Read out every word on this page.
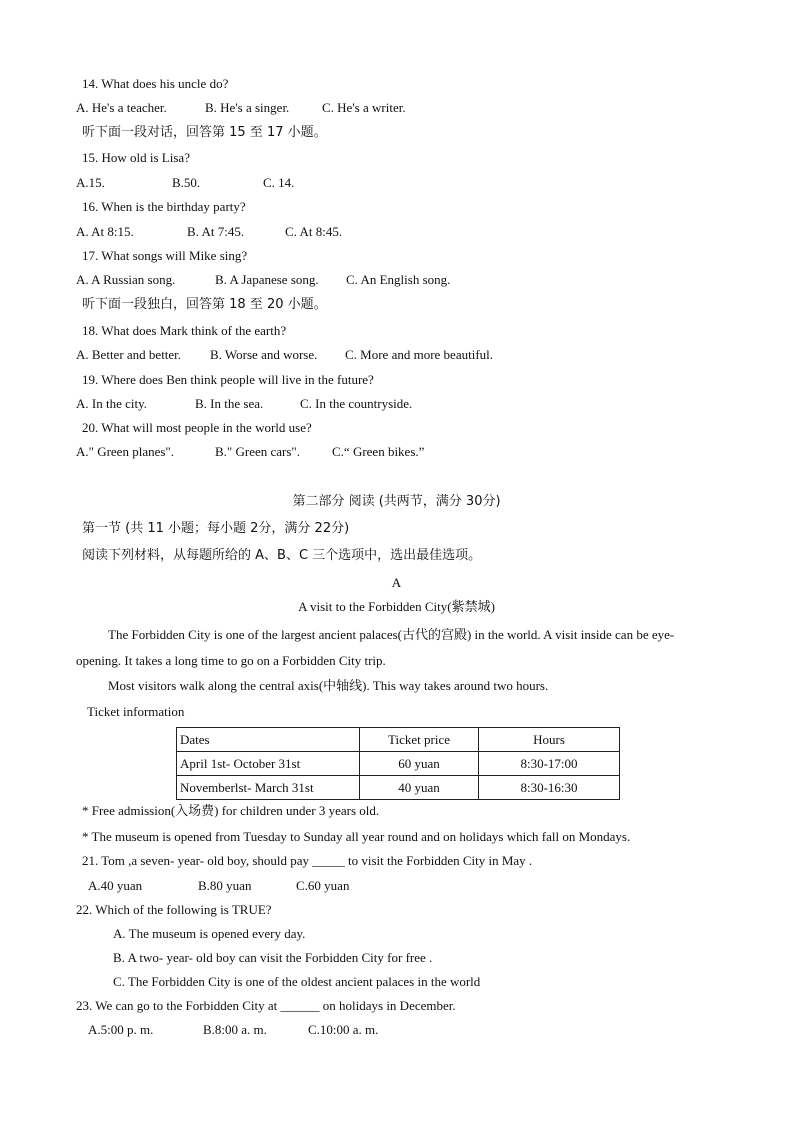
14. What does his uncle do?
A. He's a teacher.	B. He's a singer.	C. He's a writer.
听下面一段对话，回答第 15 至 17 小题。
15. How old is Lisa?
A.15.	B.50.	C. 14.
16. When is the birthday party?
A. At 8:15.	B. At 7:45.	C. At 8:45.
17. What songs will Mike sing?
A. A Russian song.	B. A Japanese song. C. An English song.
听下面一段独白，回答第 18 至 20 小题。
18. What does Mark think of the earth?
A. Better and better. B. Worse and worse. C. More and more beautiful.
19. Where does Ben think people will live in the future?
A. In the city.	B. In the sea.	C. In the countryside.
20. What will most people in the world use?
A." Green planes".	B." Green cars". C.“ Green bikes.”
第二部分 阅读 (共两节，满分 30分)
第一节 (共 11 小题；每小题 2分，满分 22分)
阅读下列材料，从每题所给的 A、B、C 三个选项中，选出最佳选项。
A
A visit to the Forbidden City(紫禁城)
The Forbidden City is one of the largest ancient palaces(古代的宫殿) in the world. A visit inside can be eye-
opening. It takes a long time to go on a Forbidden City trip.
Most visitors walk along the central axis(中轴线). This way takes around two hours.
Ticket information
Dates	Ticket price	Hours
April 1st- October 31st	60 yuan	8:30-17:00
Novemberlst- March 31st	40 yuan	8:30-16:30
* Free admission(入场费) for children under 3 years old.
* The museum is opened from Tuesday to Sunday all year round and on holidays which fall on Mondays.
21. Tom ,a seven- year- old boy, should pay _____ to visit the Forbidden City in May .
A.40 yuan	B.80 yuan	C.60 yuan
22. Which of the following is TRUE?
A. The museum is opened every day.
B. A two- year- old boy can visit the Forbidden City for free .
C. The Forbidden City is one of the oldest ancient palaces in the world
23. We can go to the Forbidden City at ______ on holidays in December.
A.5:00 p. m.	B.8:00 a. m.	C.10:00 a. m.
